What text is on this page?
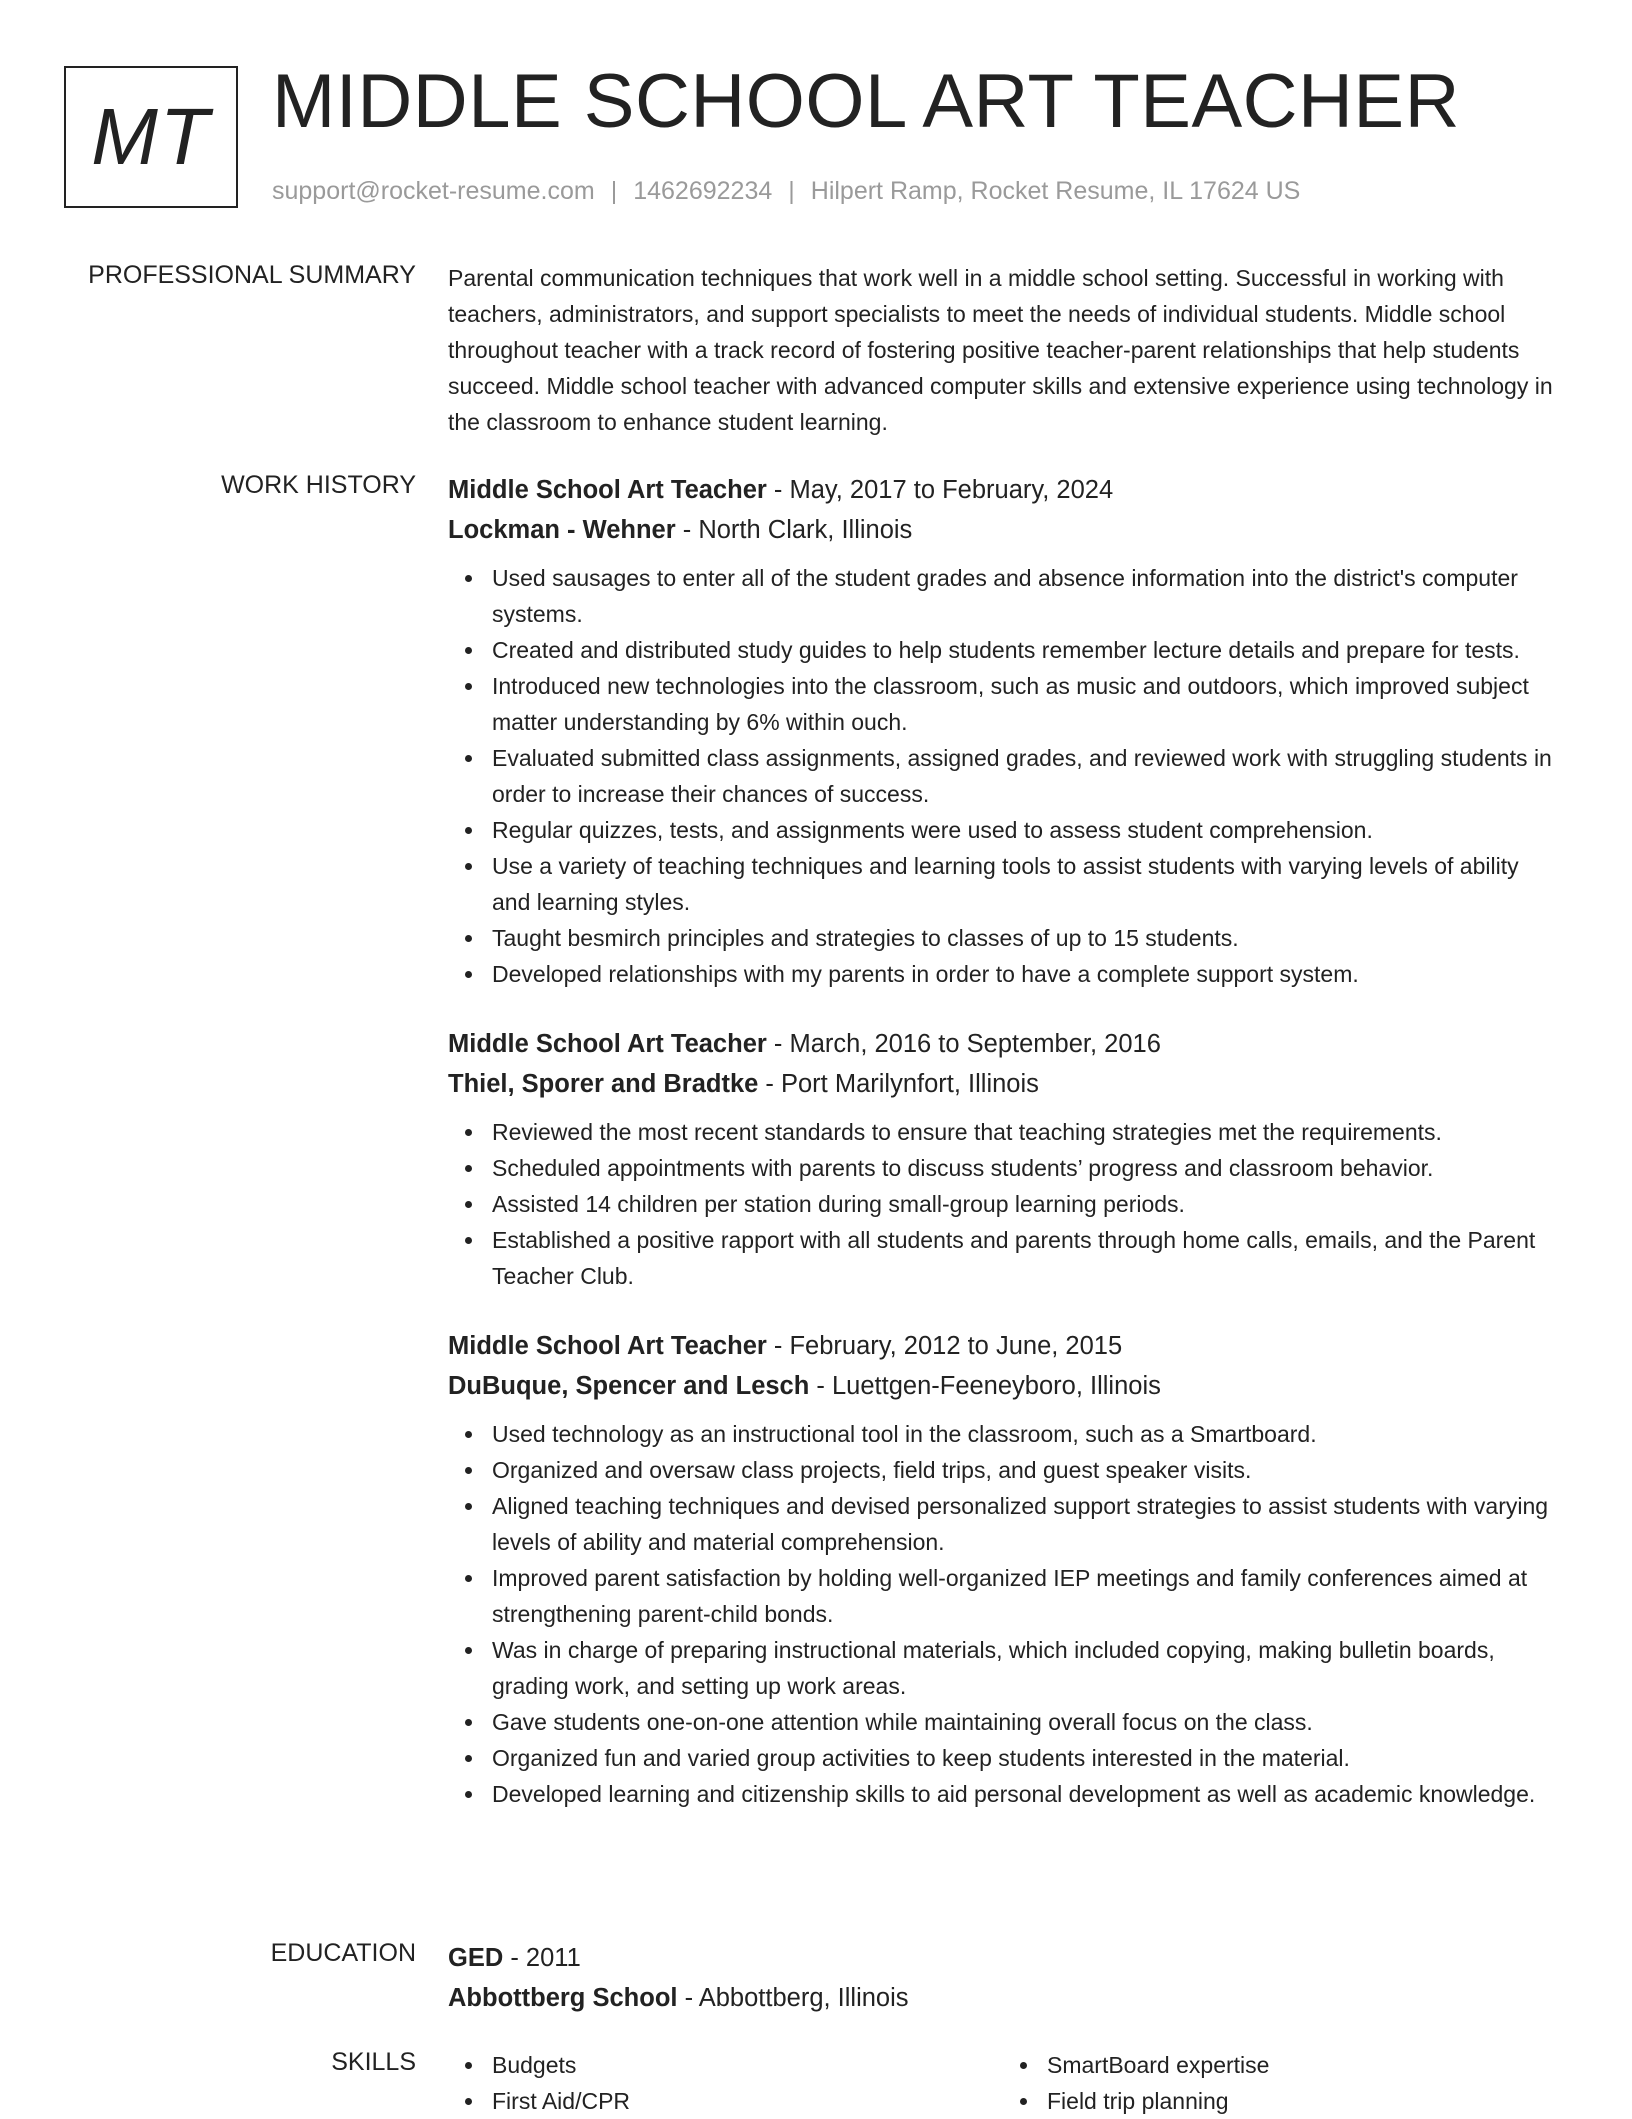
MT MIDDLE SCHOOL ART TEACHER
support@rocket-resume.com | 1462692234 | Hilpert Ramp, Rocket Resume, IL 17624 US
PROFESSIONAL SUMMARY Parental communication techniques that work well in a middle school setting. Successful in working with teachers, administrators, and support specialists to meet the needs of individual students. Middle school throughout teacher with a track record of fostering positive teacher-parent relationships that help students succeed. Middle school teacher with advanced computer skills and extensive experience using technology in the classroom to enhance student learning.

WORK HISTORY Middle School Art Teacher - May, 2017 to February, 2024
Lockman - Wehner - North Clark, Illinois
Used sausages to enter all of the student grades and absence information into the district's computer systems.
Created and distributed study guides to help students remember lecture details and prepare for tests.
Introduced new technologies into the classroom, such as music and outdoors, which improved subject matter understanding by 6% within ouch.
Evaluated submitted class assignments, assigned grades, and reviewed work with struggling students in order to increase their chances of success.
Regular quizzes, tests, and assignments were used to assess student comprehension.
Use a variety of teaching techniques and learning tools to assist students with varying levels of ability and learning styles.
Taught besmirch principles and strategies to classes of up to 15 students.
Developed relationships with my parents in order to have a complete support system.
Middle School Art Teacher - March, 2016 to September, 2016
Thiel, Sporer and Bradtke - Port Marilynfort, Illinois
Reviewed the most recent standards to ensure that teaching strategies met the requirements.
Scheduled appointments with parents to discuss students’ progress and classroom behavior.
Assisted 14 children per station during small-group learning periods.
Established a positive rapport with all students and parents through home calls, emails, and the Parent Teacher Club.
Middle School Art Teacher - February, 2012 to June, 2015
DuBuque, Spencer and Lesch - Luettgen-Feeneyboro, Illinois
Used technology as an instructional tool in the classroom, such as a Smartboard.
Organized and oversaw class projects, field trips, and guest speaker visits.
Aligned teaching techniques and devised personalized support strategies to assist students with varying levels of ability and material comprehension.
Improved parent satisfaction by holding well-organized IEP meetings and family conferences aimed at strengthening parent-child bonds.
Was in charge of preparing instructional materials, which included copying, making bulletin boards, grading work, and setting up work areas.
Gave students one-on-one attention while maintaining overall focus on the class.
Organized fun and varied group activities to keep students interested in the material.
Developed learning and citizenship skills to aid personal development as well as academic knowledge.
EDUCATION GED - 2011
Abbottberg School - Abbottberg, Illinois
SKILLS	Budgets
First Aid/CPR
SmartBoard expertise
Field trip planning
